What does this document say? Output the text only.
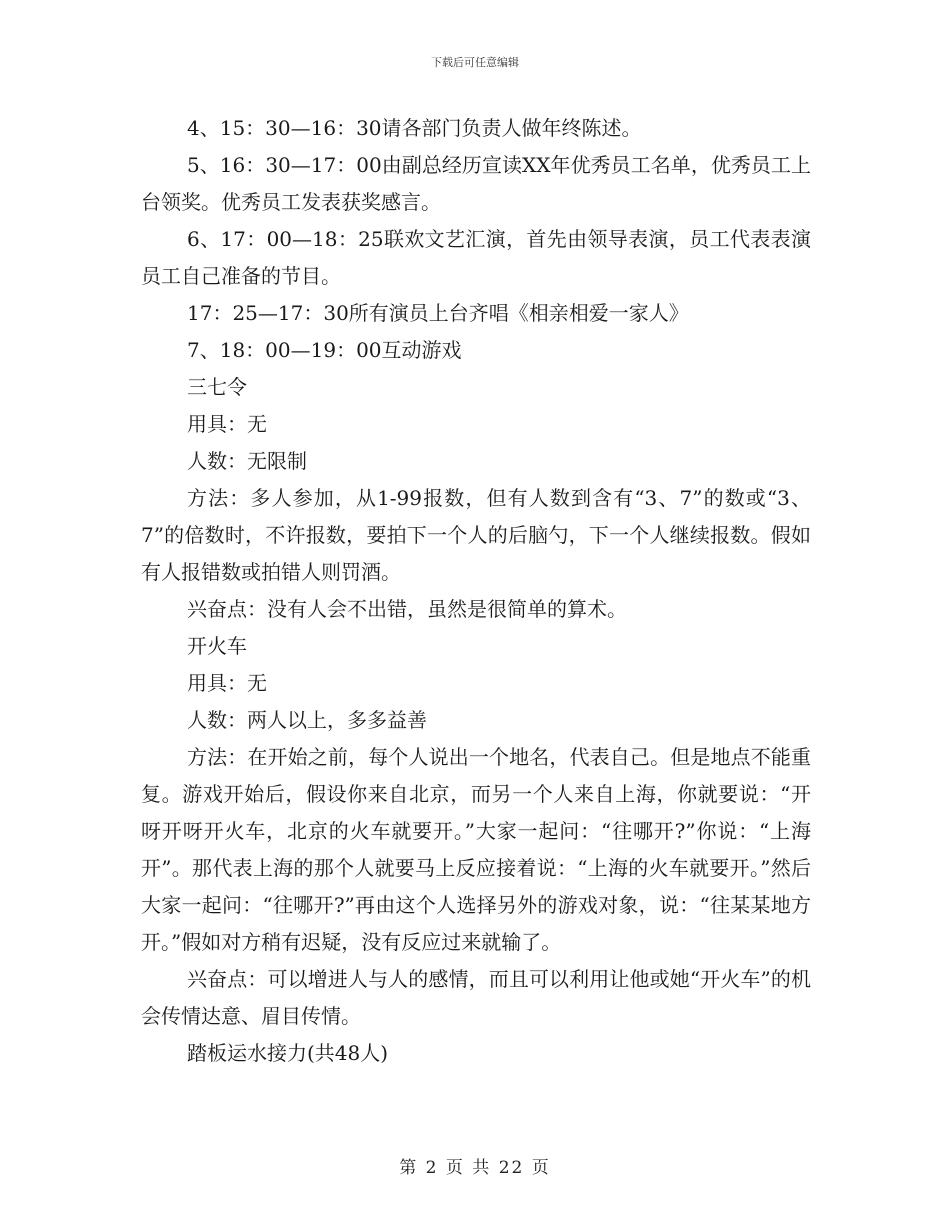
下载后可任意编辑

4、15：30—16：30请各部门负责人做年终陈述。

5、16：30—17：00由副总经历宣读XX年优秀员工名单，优秀员工上台领奖。优秀员工发表获奖感言。

6、17：00—18：25联欢文艺汇演，首先由领导表演，员工代表表演员工自己准备的节目。

17：25—17：30所有演员上台齐唱《相亲相爱一家人》

7、18：00—19：00互动游戏

三七令

用具：无

人数：无限制

方法：多人参加，从1-99报数，但有人数到含有“3、7”的数或“3、7”的倍数时，不许报数，要拍下一个人的后脑勺，下一个人继续报数。假如有人报错数或拍错人则罚酒。

兴奋点：没有人会不出错，虽然是很简单的算术。

开火车

用具：无

人数：两人以上，多多益善

方法：在开始之前，每个人说出一个地名，代表自己。但是地点不能重复。游戏开始后，假设你来自北京，而另一个人来自上海，你就要说：“开呀开呀开火车，北京的火车就要开。”大家一起问：“往哪开?”你说：“上海开”。那代表上海的那个人就要马上反应接着说：“上海的火车就要开。”然后大家一起问：“往哪开?”再由这个人选择另外的游戏对象，说：“往某某地方开。”假如对方稍有迟疑，没有反应过来就输了。

兴奋点：可以增进人与人的感情，而且可以利用让他或她“开火车”的机会传情达意、眉目传情。

踏板运水接力(共48人)

第 2 页 共 22 页
